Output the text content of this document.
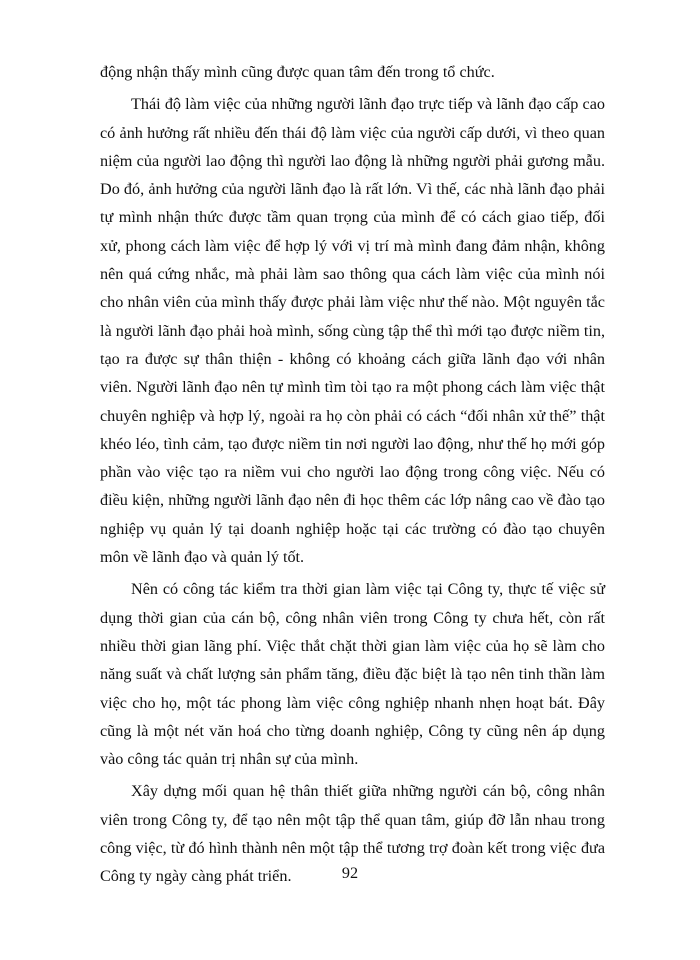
động nhận thấy mình cũng được quan tâm đến trong tổ chức.

Thái độ làm việc của những người lãnh đạo trực tiếp và lãnh đạo cấp cao có ảnh hưởng rất nhiều đến thái độ làm việc của người cấp dưới, vì theo quan niệm của người lao động thì người lao động là những người phải gương mẫu. Do đó, ảnh hưởng của người lãnh đạo là rất lớn. Vì thế, các nhà lãnh đạo phải tự mình nhận thức được tầm quan trọng của mình để có cách giao tiếp, đối xử, phong cách làm việc để hợp lý với vị trí mà mình đang đảm nhận, không nên quá cứng nhắc, mà phải làm sao thông qua cách làm việc của mình nói cho nhân viên của mình thấy được phải làm việc như thế nào. Một nguyên tắc là người lãnh đạo phải hoà mình, sống cùng tập thể thì mới tạo được niềm tin, tạo ra được sự thân thiện - không có khoảng cách giữa lãnh đạo với nhân viên. Người lãnh đạo nên tự mình tìm tòi tạo ra một phong cách làm việc thật chuyên nghiệp và hợp lý, ngoài ra họ còn phải có cách “đối nhân xử thế” thật khéo léo, tình cảm, tạo được niềm tin nơi người lao động, như thế họ mới góp phần vào việc tạo ra niềm vui cho người lao động trong công việc. Nếu có điều kiện, những người lãnh đạo nên đi học thêm các lớp nâng cao về đào tạo nghiệp vụ quản lý tại doanh nghiệp hoặc tại các trường có đào tạo chuyên môn về lãnh đạo và quản lý tốt.

Nên có công tác kiểm tra thời gian làm việc tại Công ty, thực tế việc sử dụng thời gian của cán bộ, công nhân viên trong Công ty chưa hết, còn rất nhiều thời gian lãng phí. Việc thắt chặt thời gian làm việc của họ sẽ làm cho năng suất và chất lượng sản phẩm tăng, điều đặc biệt là tạo nên tinh thần làm việc cho họ, một tác phong làm việc công nghiệp nhanh nhẹn hoạt bát. Đây cũng là một nét văn hoá cho từng doanh nghiệp, Công ty cũng nên áp dụng vào công tác quản trị nhân sự của mình.

Xây dựng mối quan hệ thân thiết giữa những người cán bộ, công nhân viên trong Công ty, để tạo nên một tập thể quan tâm, giúp đỡ lẫn nhau trong công việc, từ đó hình thành nên một tập thể tương trợ đoàn kết trong việc đưa Công ty ngày càng phát triển.	92
